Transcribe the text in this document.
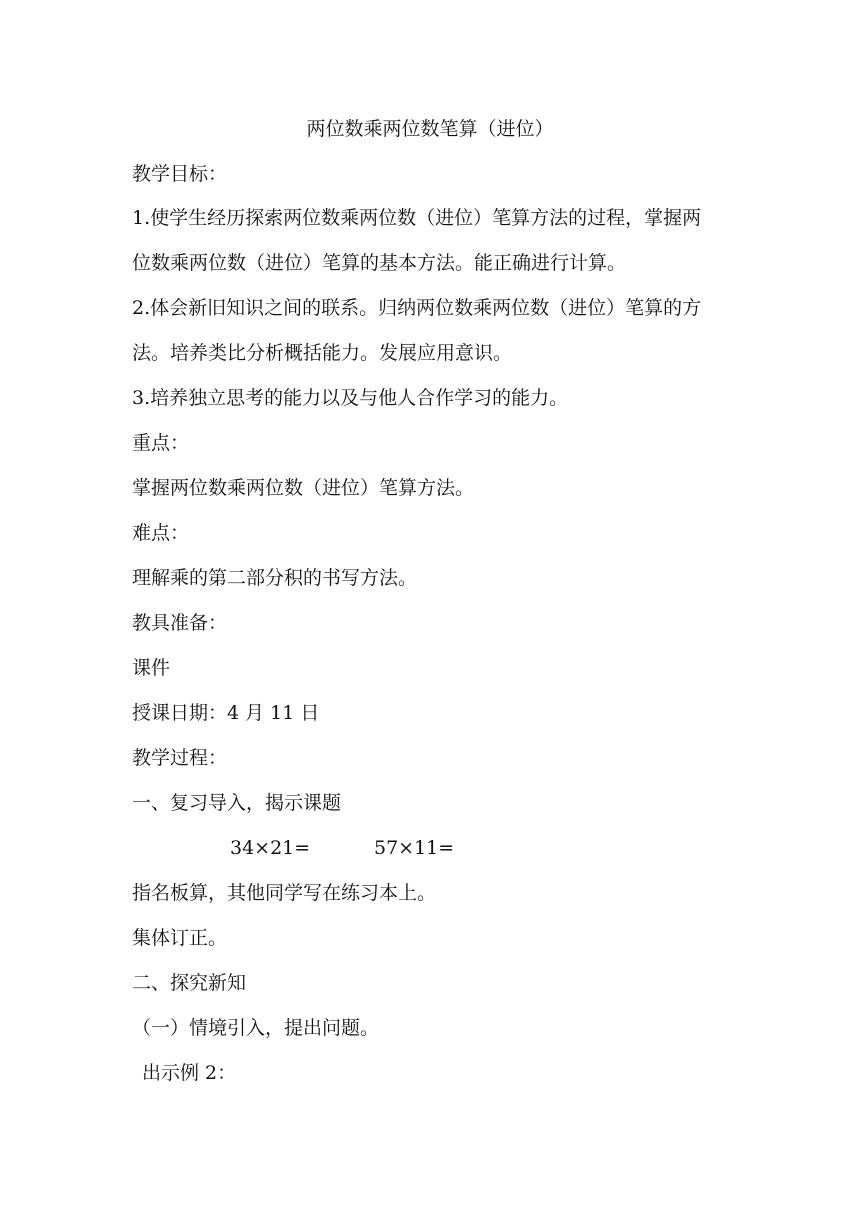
两位数乘两位数笔算（进位）
教学目标：
1.使学生经历探索两位数乘两位数（进位）笔算方法的过程，掌握两
位数乘两位数（进位）笔算的基本方法。能正确进行计算。
2.体会新旧知识之间的联系。归纳两位数乘两位数（进位）笔算的方
法。培养类比分析概括能力。发展应用意识。
3.培养独立思考的能力以及与他人合作学习的能力。
重点：
掌握两位数乘两位数（进位）笔算方法。
难点：
理解乘的第二部分积的书写方法。
教具准备：
课件
授课日期：4 月 11 日
教学过程：
一、复习导入，揭示课题
34×21=	57×11=
指名板算，其他同学写在练习本上。
集体订正。
二、探究新知
（一）情境引入，提出问题。
出示例 2：
